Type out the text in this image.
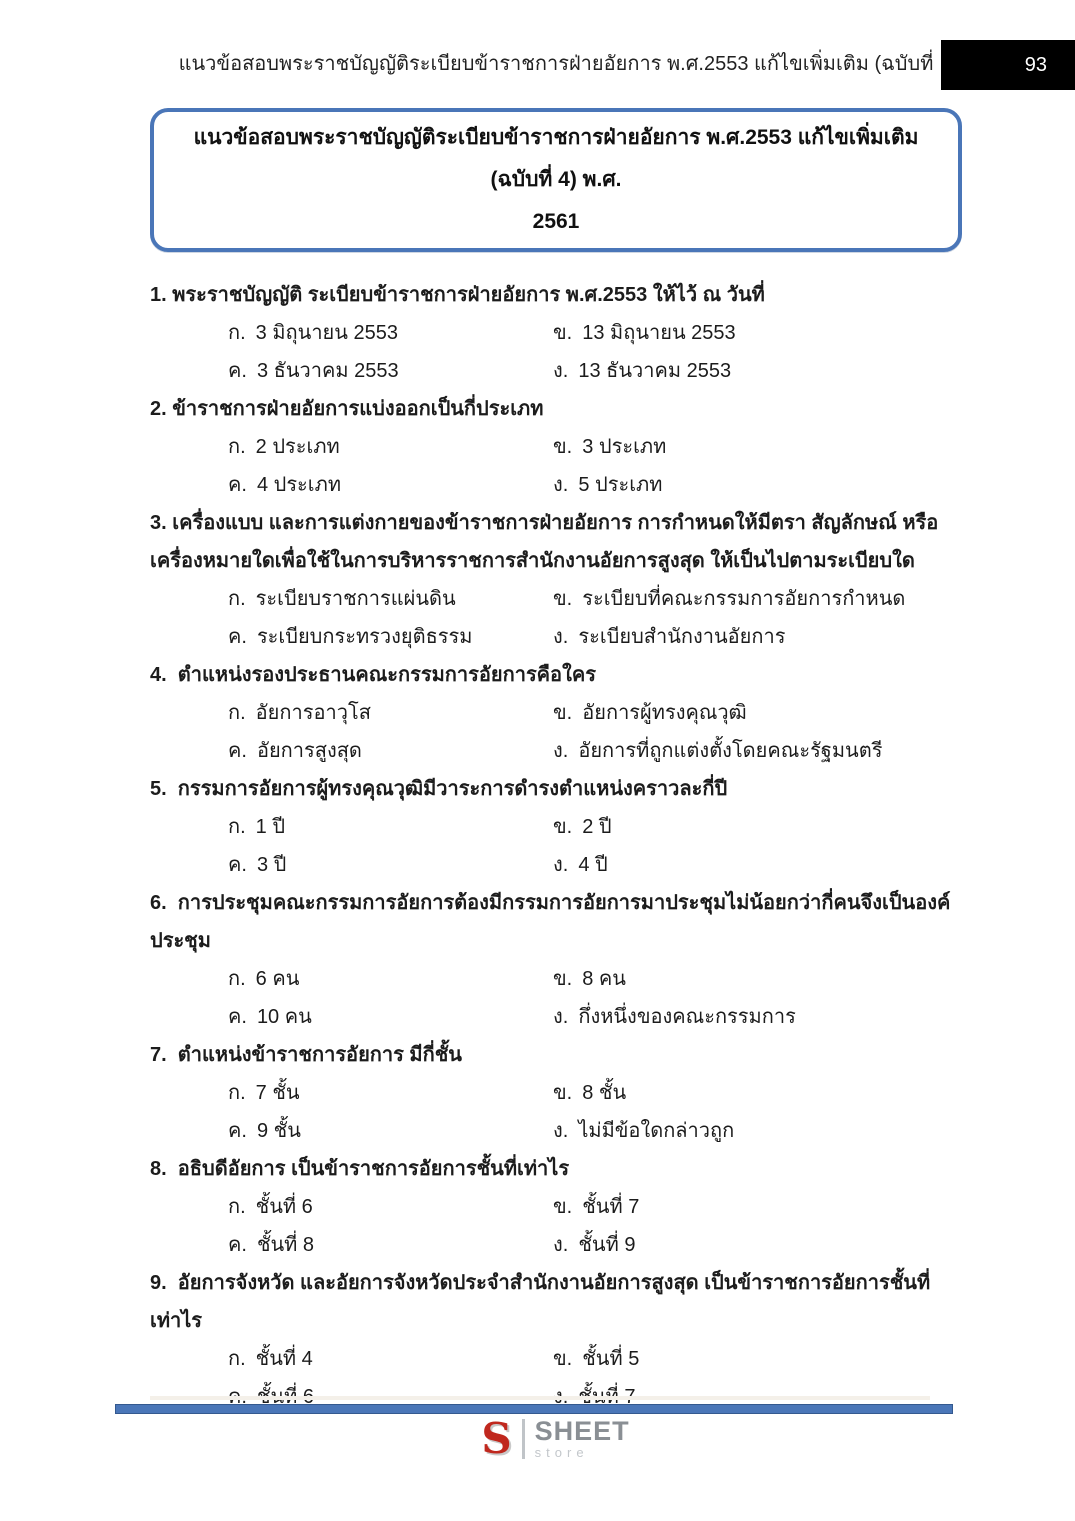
93
แนวข้อสอบพระราชบัญญัติระเบียบข้าราชการฝ่ายอัยการ พ.ศ.2553 แก้ไขเพิ่มเติม (ฉบับที่
แนวข้อสอบพระราชบัญญัติระเบียบข้าราชการฝ่ายอัยการ พ.ศ.2553 แก้ไขเพิ่มเติม (ฉบับที่ 4) พ.ศ.
2561
1. พระราชบัญญัติ ระเบียบข้าราชการฝ่ายอัยการ พ.ศ.2553 ให้ไว้ ณ วันที่
ก. 3 มิถุนายน 2553	ข. 13 มิถุนายน 2553
ค. 3 ธันวาคม 2553	ง. 13 ธันวาคม 2553
2. ข้าราชการฝ่ายอัยการแบ่งออกเป็นกี่ประเภท
ก. 2 ประเภท	ข. 3 ประเภท
ค. 4 ประเภท	ง. 5 ประเภท
3. เครื่องแบบ และการแต่งกายของข้าราชการฝ่ายอัยการ การกำหนดให้มีตรา สัญลักษณ์ หรือเครื่องหมายใดเพื่อใช้ในการบริหารราชการสำนักงานอัยการสูงสุด ให้เป็นไปตามระเบียบใด
ก. ระเบียบราชการแผ่นดิน	ข. ระเบียบที่คณะกรรมการอัยการกำหนด
ค. ระเบียบกระทรวงยุติธรรม	ง. ระเบียบสำนักงานอัยการ
4.  ตำแหน่งรองประธานคณะกรรมการอัยการคือใคร
ก. อัยการอาวุโส	ข. อัยการผู้ทรงคุณวุฒิ
ค. อัยการสูงสุด	ง. อัยการที่ถูกแต่งตั้งโดยคณะรัฐมนตรี
5.  กรรมการอัยการผู้ทรงคุณวุฒิมีวาระการดำรงตำแหน่งคราวละกี่ปี
ก. 1 ปี	ข. 2 ปี
ค. 3 ปี	ง. 4 ปี
6.  การประชุมคณะกรรมการอัยการต้องมีกรรมการอัยการมาประชุมไม่น้อยกว่ากี่คนจึงเป็นองค์ประชุม
ก. 6 คน	ข. 8 คน
ค. 10 คน	ง. กึ่งหนึ่งของคณะกรรมการ
7.  ตำแหน่งข้าราชการอัยการ มีกี่ชั้น
ก. 7 ชั้น	ข. 8 ชั้น
ค. 9 ชั้น	ง. ไม่มีข้อใดกล่าวถูก
8.  อธิบดีอัยการ เป็นข้าราชการอัยการชั้นที่เท่าไร
ก. ชั้นที่ 6	ข. ชั้นที่ 7
ค. ชั้นที่ 8	ง. ชั้นที่ 9
9.  อัยการจังหวัด และอัยการจังหวัดประจำสำนักงานอัยการสูงสุด เป็นข้าราชการอัยการชั้นที่เท่าไร
ก. ชั้นที่ 4	ข. ชั้นที่ 5
S SHEET
store
